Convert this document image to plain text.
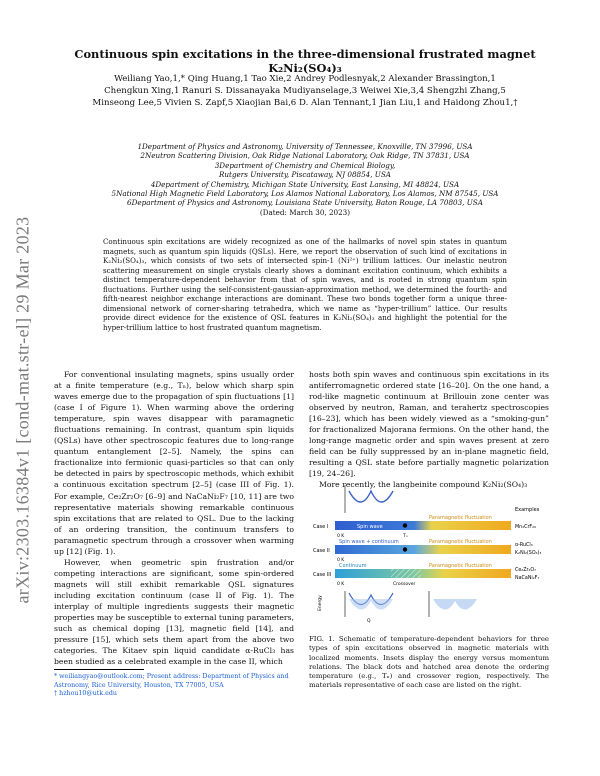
arXiv:2303.16384v1 [cond-mat.str-el] 29 Mar 2023
Continuous spin excitations in the three-dimensional frustrated magnet K₂Ni₂(SO₄)₃
Weiliang Yao,1,* Qing Huang,1 Tao Xie,2 Andrey Podlesnyak,2 Alexander Brassington,1
Chengkun Xing,1 Ranuri S. Dissanayaka Mudiyanselage,3 Weiwei Xie,3,4 Shengzhi Zhang,5
Minseong Lee,5 Vivien S. Zapf,5 Xiaojian Bai,6 D. Alan Tennant,1 Jian Liu,1 and Haidong Zhou1,†
1Department of Physics and Astronomy, University of Tennessee, Knoxville, TN 37996, USA
2Neutron Scattering Division, Oak Ridge National Laboratory, Oak Ridge, TN 37831, USA
3Department of Chemistry and Chemical Biology,
Rutgers University, Piscataway, NJ 08854, USA
4Department of Chemistry, Michigan State University, East Lansing, MI 48824, USA
5National High Magnetic Field Laboratory, Los Alamos National Laboratory, Los Alamos, NM 87545, USA
6Department of Physics and Astronomy, Louisiana State University, Baton Rouge, LA 70803, USA
(Dated: March 30, 2023)
Continuous spin excitations are widely recognized as one of the hallmarks of novel spin states in quantum magnets, such as quantum spin liquids (QSLs). Here, we report the observation of such kind of excitations in K₂Ni₂(SO₄)₃, which consists of two sets of intersected spin-1 (Ni²⁺) trillium lattices. Our inelastic neutron scattering measurement on single crystals clearly shows a dominant excitation continuum, which exhibits a distinct temperature-dependent behavior from that of spin waves, and is rooted in strong quantum spin fluctuations. Further using the self-consistent-gaussian-approximation method, we determined the fourth- and fifth-nearest neighbor exchange interactions are dominant. These two bonds together form a unique three-dimensional network of corner-sharing tetrahedra, which we name as “hyper-trillium” lattice. Our results provide direct evidence for the existence of QSL features in K₂Ni₂(SO₄)₃ and highlight the potential for the hyper-trillium lattice to host frustrated quantum magnetism.

For conventional insulating magnets, spins usually order at a finite temperature (e.g., Tₙ), below which sharp spin waves emerge due to the propagation of spin fluctuations [1] (case I of Figure 1). When warming above the ordering temperature, spin waves disappear with paramagnetic fluctuations remaining. In contrast, quantum spin liquids (QSLs) have other spectroscopic features due to long-range quantum entanglement [2–5]. Namely, the spins can fractionalize into fermionic quasi-particles so that can only be detected in pairs by spectroscopic methods, which exhibit a continuous excitation spectrum [2–5] (case III of Fig. 1). For example, Ce₂Zr₂O₇ [6–9] and NaCaNi₂F₇ [10, 11] are two representative materials showing remarkable continuous spin excitations that are related to QSL. Due to the lacking of an ordering transition, the continuum transfers to paramagnetic spectrum through a crossover when warming up [12] (Fig. 1).

However, when geometric spin frustration and/or competing interactions are significant, some spin-ordered magnets will still exhibit remarkable QSL signatures including excitation continuum (case II of Fig. 1). The interplay of multiple ingredients suggests their magnetic properties may be susceptible to external tuning parameters, such as chemical doping [13], magnetic field [14], and pressure [15], which sets them apart from the above two categories. The Kitaev spin liquid candidate α-RuCl₃ has been studied as a celebrated example in the case II, which

hosts both spin waves and continuous spin excitations in its antiferromagnetic ordered state [16–20]. On the one hand, a rod-like magnetic continuum at Brillouin zone center was observed by neutron, Raman, and terahertz spectroscopies [16–23], which has been widely viewed as a “smoking-gun” for fractionalized Majorana fermions. On the other hand, the long-range magnetic order and spin waves present at zero field can be fully suppressed by an in-plane magnetic field, resulting a QSL state before partially magnetic polarization [19, 24–26].

More recently, the langbeinite compound K₂Ni₂(SO₄)₃

Case I	Spin wave
Paramagnetic fluctuation
0 K	Tₙ
Case II
Spin wave + continuum	Paramagnetic fluctuation
0 K
Case III
Continuum	Paramagnetic fluctuation
0 K	Crossover
Energy
Q
Examples
Mn₃CrF₂₀
α-RuCl₃
K₂Ni₂(SO₄)₃
Ce₂Zr₂O₇
NaCaNi₂F₇
FIG. 1. Schematic of temperature-dependent behaviors for three types of spin excitations observed in magnetic materials with localized moments. Insets display the energy versus momentum relations. The black dots and hatched area denote the ordering temperature (e.g., Tₙ) and crossover region, respectively. The materials representative of each case are listed on the right.
* weiliangyao@outlook.com; Present address: Department of Physics and Astronomy, Rice University, Houston, TX 77005, USA
† hzhou10@utk.edu
